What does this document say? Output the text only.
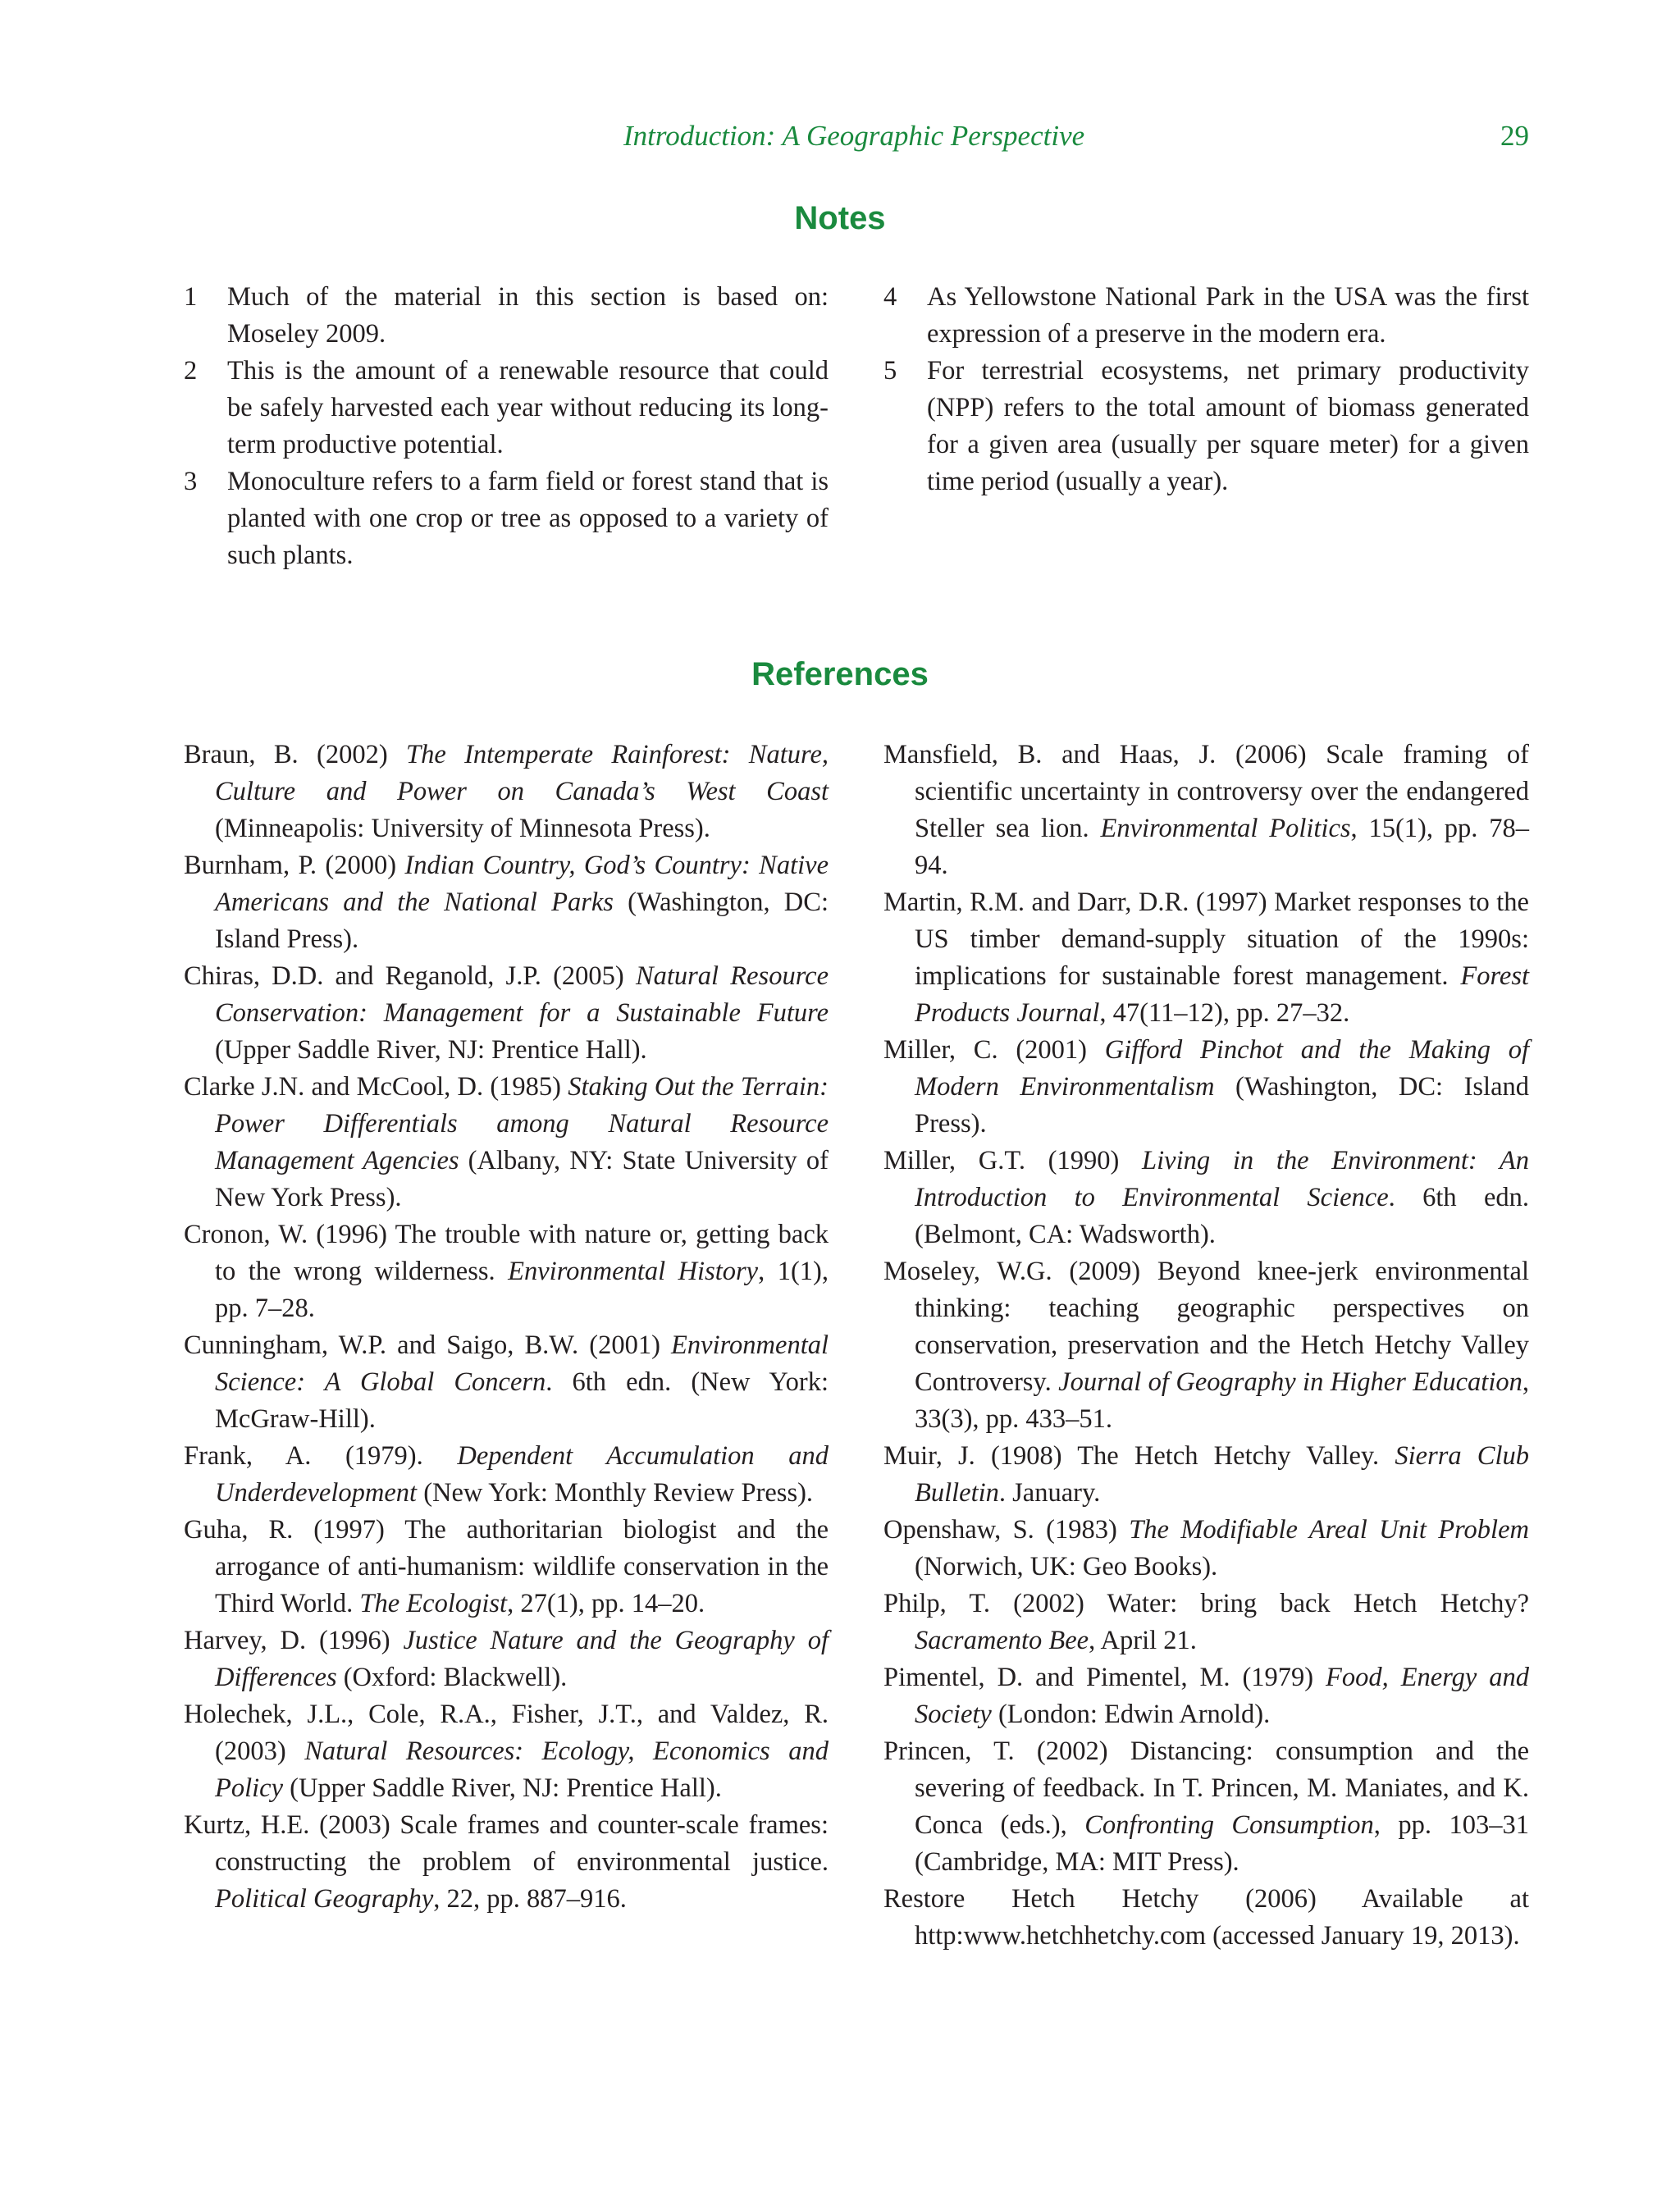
Introduction: A Geographic Perspective	29
Notes
1	Much of the material in this section is based on: Moseley 2009.
2	This is the amount of a renewable resource that could be safely harvested each year without reducing its long-term productive potential.
3	Monoculture refers to a farm field or forest stand that is planted with one crop or tree as opposed to a variety of such plants.
4	As Yellowstone National Park in the USA was the first expression of a preserve in the modern era.
5	For terrestrial ecosystems, net primary productivity (NPP) refers to the total amount of biomass generated for a given area (usually per square meter) for a given time period (usually a year).
References

Braun, B. (2002) The Intemperate Rainforest: Nature, Culture and Power on Canada’s West Coast (Minneapolis: University of Minnesota Press).

Burnham, P. (2000) Indian Country, God’s Country: Native Americans and the National Parks (Washington, DC: Island Press).

Chiras, D.D. and Reganold, J.P. (2005) Natural Resource Conservation: Management for a Sustainable Future (Upper Saddle River, NJ: Prentice Hall).

Clarke J.N. and McCool, D. (1985) Staking Out the Terrain: Power Differentials among Natural Resource Management Agencies (Albany, NY: State University of New York Press).

Cronon, W. (1996) The trouble with nature or, getting back to the wrong wilderness. Environmental History, 1(1), pp. 7–28.

Cunningham, W.P. and Saigo, B.W. (2001) Environmental Science: A Global Concern. 6th edn. (New York: McGraw-Hill).

Frank, A. (1979). Dependent Accumulation and Underdevelopment (New York: Monthly Review Press).

Guha, R. (1997) The authoritarian biologist and the arrogance of anti-humanism: wildlife conservation in the Third World. The Ecologist, 27(1), pp. 14–20.

Harvey, D. (1996) Justice Nature and the Geography of Differences (Oxford: Blackwell).

Holechek, J.L., Cole, R.A., Fisher, J.T., and Valdez, R. (2003) Natural Resources: Ecology, Economics and Policy (Upper Saddle River, NJ: Prentice Hall).

Kurtz, H.E. (2003) Scale frames and counter-scale frames: constructing the problem of environmental justice. Political Geography, 22, pp. 887–916.

Mansfield, B. and Haas, J. (2006) Scale framing of scientific uncertainty in controversy over the endangered Steller sea lion. Environmental Politics, 15(1), pp. 78–94.

Martin, R.M. and Darr, D.R. (1997) Market responses to the US timber demand-supply situation of the 1990s: implications for sustainable forest management. Forest Products Journal, 47(11–12), pp. 27–32.

Miller, C. (2001) Gifford Pinchot and the Making of Modern Environmentalism (Washington, DC: Island Press).

Miller, G.T. (1990) Living in the Environment: An Introduction to Environmental Science. 6th edn. (Belmont, CA: Wadsworth).

Moseley, W.G. (2009) Beyond knee-jerk environmental thinking: teaching geographic perspectives on conservation, preservation and the Hetch Hetchy Valley Controversy. Journal of Geography in Higher Education, 33(3), pp. 433–51.

Muir, J. (1908) The Hetch Hetchy Valley. Sierra Club Bulletin. January.

Openshaw, S. (1983) The Modifiable Areal Unit Problem (Norwich, UK: Geo Books).

Philp, T. (2002) Water: bring back Hetch Hetchy? Sacramento Bee, April 21.

Pimentel, D. and Pimentel, M. (1979) Food, Energy and Society (London: Edwin Arnold).

Princen, T. (2002) Distancing: consumption and the severing of feedback. In T. Princen, M. Maniates, and K. Conca (eds.), Confronting Consumption, pp. 103–31 (Cambridge, MA: MIT Press).

Restore Hetch Hetchy (2006) Available at http:www.hetchhetchy.com (accessed January 19, 2013).
